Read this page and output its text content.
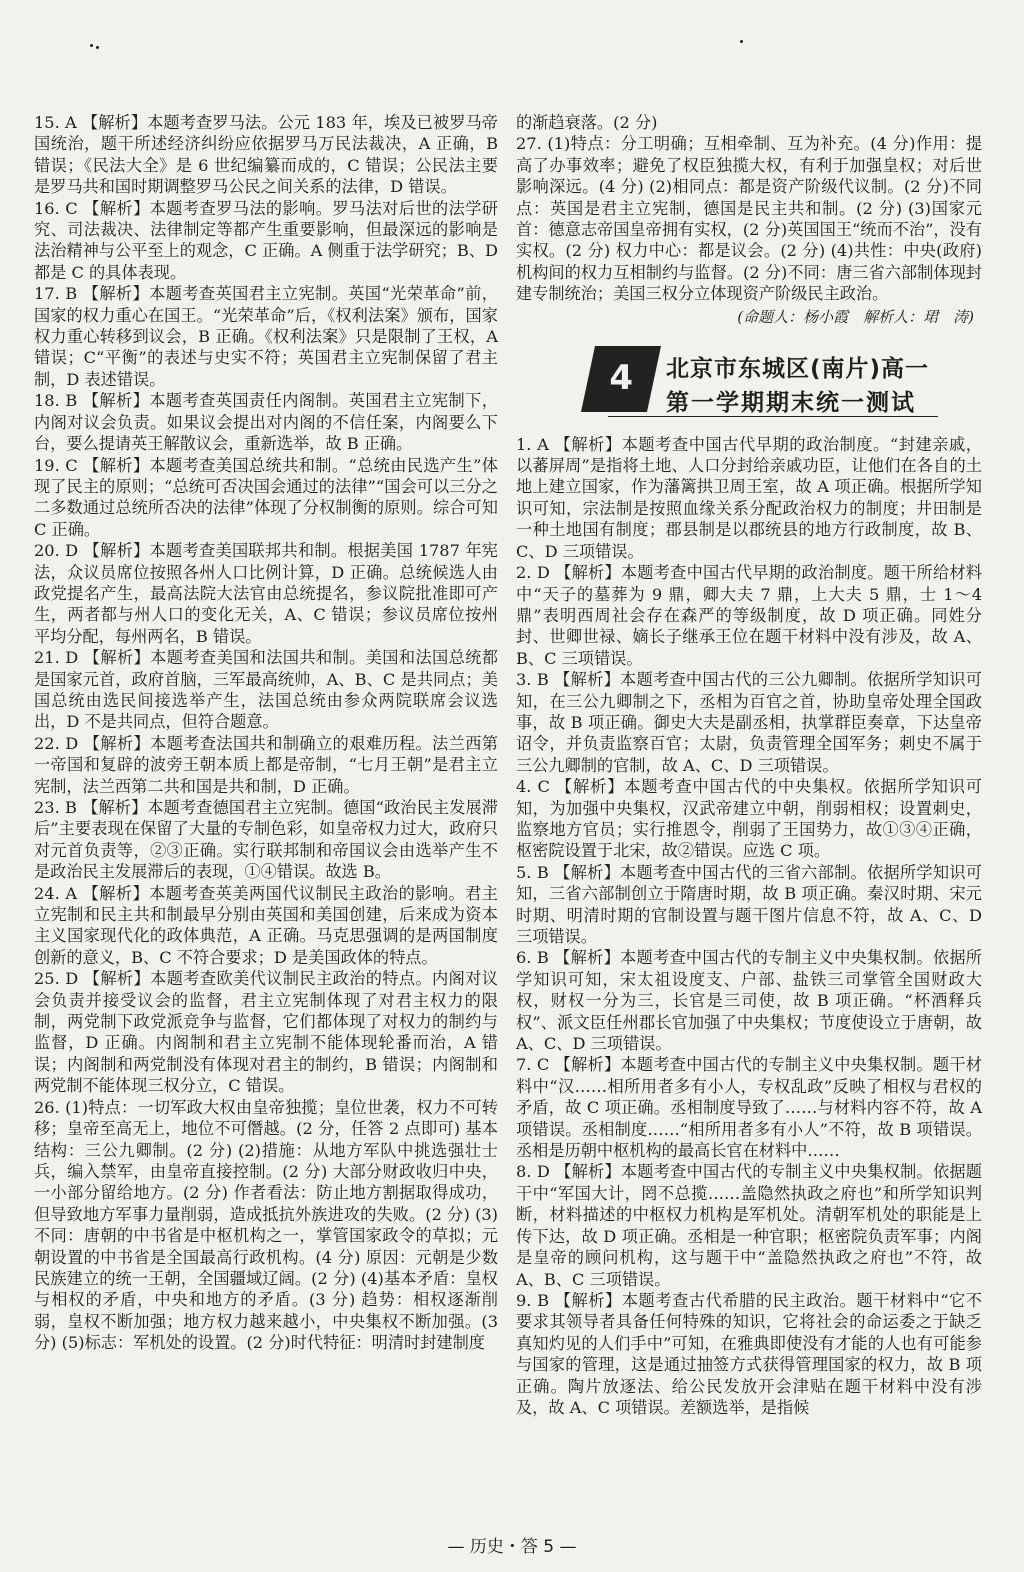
15. A 【解析】本题考查罗马法。公元 183 年，埃及已被罗马帝国统治，题干所述经济纠纷应依据罗马万民法裁决，A 正确，B 错误；《民法大全》是 6 世纪编纂而成的，C 错误；公民法主要是罗马共和国时期调整罗马公民之间关系的法律，D 错误。

16. C 【解析】本题考查罗马法的影响。罗马法对后世的法学研究、司法裁决、法律制定等都产生重要影响，但最深远的影响是法治精神与公平至上的观念，C 正确。A 侧重于法学研究；B、D 都是 C 的具体表现。

17. B 【解析】本题考查英国君主立宪制。英国“光荣革命”前，国家的权力重心在国王。“光荣革命”后，《权利法案》颁布，国家权力重心转移到议会，B 正确。《权利法案》只是限制了王权，A 错误；C“平衡”的表述与史实不符；英国君主立宪制保留了君主制，D 表述错误。

18. B 【解析】本题考查英国责任内阁制。英国君主立宪制下，内阁对议会负责。如果议会提出对内阁的不信任案，内阁要么下台，要么提请英王解散议会，重新选举，故 B 正确。

19. C 【解析】本题考查美国总统共和制。“总统由民选产生”体现了民主的原则；“总统可否决国会通过的法律”“国会可以三分之二多数通过总统所否决的法律”体现了分权制衡的原则。综合可知 C 正确。

20. D 【解析】本题考查美国联邦共和制。根据美国 1787 年宪法，众议员席位按照各州人口比例计算，D 正确。总统候选人由政党提名产生，最高法院大法官由总统提名，参议院批准即可产生，两者都与州人口的变化无关，A、C 错误；参议员席位按州平均分配，每州两名，B 错误。

21. D 【解析】本题考查美国和法国共和制。美国和法国总统都是国家元首，政府首脑，三军最高统帅，A、B、C 是共同点；美国总统由选民间接选举产生，法国总统由参众两院联席会议选出，D 不是共同点，但符合题意。

22. D 【解析】本题考查法国共和制确立的艰难历程。法兰西第一帝国和复辟的波旁王朝本质上都是帝制，“七月王朝”是君主立宪制，法兰西第二共和国是共和制，D 正确。

23. B 【解析】本题考查德国君主立宪制。德国“政治民主发展滞后”主要表现在保留了大量的专制色彩，如皇帝权力过大，政府只对元首负责等，②③正确。实行联邦制和帝国议会由选举产生不是政治民主发展滞后的表现，①④错误。故选 B。

24. A 【解析】本题考查英美两国代议制民主政治的影响。君主立宪制和民主共和制最早分别由英国和美国创建，后来成为资本主义国家现代化的政体典范，A 正确。马克思强调的是两国制度创新的意义，B、C 不符合要求；D 是美国政体的特点。

25. D 【解析】本题考查欧美代议制民主政治的特点。内阁对议会负责并接受议会的监督，君主立宪制体现了对君主权力的限制，两党制下政党派竞争与监督，它们都体现了对权力的制约与监督，D 正确。内阁制和君主立宪制不能体现轮番而治，A 错误；内阁制和两党制没有体现对君主的制约，B 错误；内阁制和两党制不能体现三权分立，C 错误。

26. (1)特点：一切军政大权由皇帝独揽；皇位世袭，权力不可转移；皇帝至高无上，地位不可僭越。(2 分，任答 2 点即可) 基本结构：三公九卿制。(2 分) (2)措施：从地方军队中挑选强壮士兵，编入禁军，由皇帝直接控制。(2 分) 大部分财政收归中央，一小部分留给地方。(2 分) 作者看法：防止地方割据取得成功，但导致地方军事力量削弱，造成抵抗外族进攻的失败。(2 分) (3)不同：唐朝的中书省是中枢机构之一，掌管国家政令的草拟；元朝设置的中书省是全国最高行政机构。(4 分) 原因：元朝是少数民族建立的统一王朝，全国疆域辽阔。(2 分) (4)基本矛盾：皇权与相权的矛盾，中央和地方的矛盾。(3 分) 趋势：相权逐渐削弱，皇权不断加强；地方权力越来越小，中央集权不断加强。(3 分) (5)标志：军机处的设置。(2 分)时代特征：明清时封建制度

的渐趋衰落。(2 分)

27. (1)特点：分工明确；互相牵制、互为补充。(4 分)作用：提高了办事效率；避免了权臣独揽大权，有利于加强皇权；对后世影响深远。(4 分) (2)相同点：都是资产阶级代议制。(2 分)不同点：英国是君主立宪制，德国是民主共和制。(2 分) (3)国家元首：德意志帝国皇帝拥有实权，(2 分)英国国王“统而不治”，没有实权。(2 分) 权力中心：都是议会。(2 分) (4)共性：中央(政府)机构间的权力互相制约与监督。(2 分)不同：唐三省六部制体现封建专制统治；美国三权分立体现资产阶级民主政治。

(命题人：杨小霞　解析人：珺　涛)

4	北京市东城区(南片)高一
第一学期期末统一测试

1. A 【解析】本题考查中国古代早期的政治制度。“封建亲戚，以蕃屏周”是指将土地、人口分封给亲戚功臣，让他们在各自的土地上建立国家，作为藩篱拱卫周王室，故 A 项正确。根据所学知识可知，宗法制是按照血缘关系分配政治权力的制度；井田制是一种土地国有制度；郡县制是以郡统县的地方行政制度，故 B、C、D 三项错误。

2. D 【解析】本题考查中国古代早期的政治制度。题干所给材料中“天子的墓葬为 9 鼎，卿大夫 7 鼎，上大夫 5 鼎，士 1～4 鼎”表明西周社会存在森严的等级制度，故 D 项正确。同姓分封、世卿世禄、嫡长子继承王位在题干材料中没有涉及，故 A、B、C 三项错误。

3. B 【解析】本题考查中国古代的三公九卿制。依据所学知识可知，在三公九卿制之下，丞相为百官之首，协助皇帝处理全国政事，故 B 项正确。御史大夫是副丞相，执掌群臣奏章，下达皇帝诏令，并负责监察百官；太尉，负责管理全国军务；刺史不属于三公九卿制的官制，故 A、C、D 三项错误。

4. C 【解析】本题考查中国古代的中央集权。依据所学知识可知，为加强中央集权，汉武帝建立中朝，削弱相权；设置刺史，监察地方官员；实行推恩令，削弱了王国势力，故①③④正确，枢密院设置于北宋，故②错误。应选 C 项。

5. B 【解析】本题考查中国古代的三省六部制。依据所学知识可知，三省六部制创立于隋唐时期，故 B 项正确。秦汉时期、宋元时期、明清时期的官制设置与题干图片信息不符，故 A、C、D 三项错误。

6. B 【解析】本题考查中国古代的专制主义中央集权制。依据所学知识可知，宋太祖设度支、户部、盐铁三司掌管全国财政大权，财权一分为三，长官是三司使，故 B 项正确。“杯酒释兵权”、派文臣任州郡长官加强了中央集权；节度使设立于唐朝，故 A、C、D 三项错误。

7. C 【解析】本题考查中国古代的专制主义中央集权制。题干材料中“汉……相所用者多有小人，专权乱政”反映了相权与君权的矛盾，故 C 项正确。丞相制度导致了……与材料内容不符，故 A 项错误。丞相制度……“相所用者多有小人”不符，故 B 项错误。丞相是历朝中枢机构的最高长官在材料中……

8. D 【解析】本题考查中国古代的专制主义中央集权制。依据题干中“军国大计，罔不总揽……盖隐然执政之府也”和所学知识判断，材料描述的中枢权力机构是军机处。清朝军机处的职能是上传下达，故 D 项正确。丞相是一种官职；枢密院负责军事；内阁是皇帝的顾问机构，这与题干中“盖隐然执政之府也”不符，故 A、B、C 三项错误。

9. B 【解析】本题考查古代希腊的民主政治。题干材料中“它不要求其领导者具备任何特殊的知识，它将社会的命运委之于缺乏真知灼见的人们手中”可知，在雅典即使没有才能的人也有可能参与国家的管理，这是通过抽签方式获得管理国家的权力，故 B 项正确。陶片放逐法、给公民发放开会津贴在题干材料中没有涉及，故 A、C 项错误。差额选举，是指候

— 历史・答 5 —
